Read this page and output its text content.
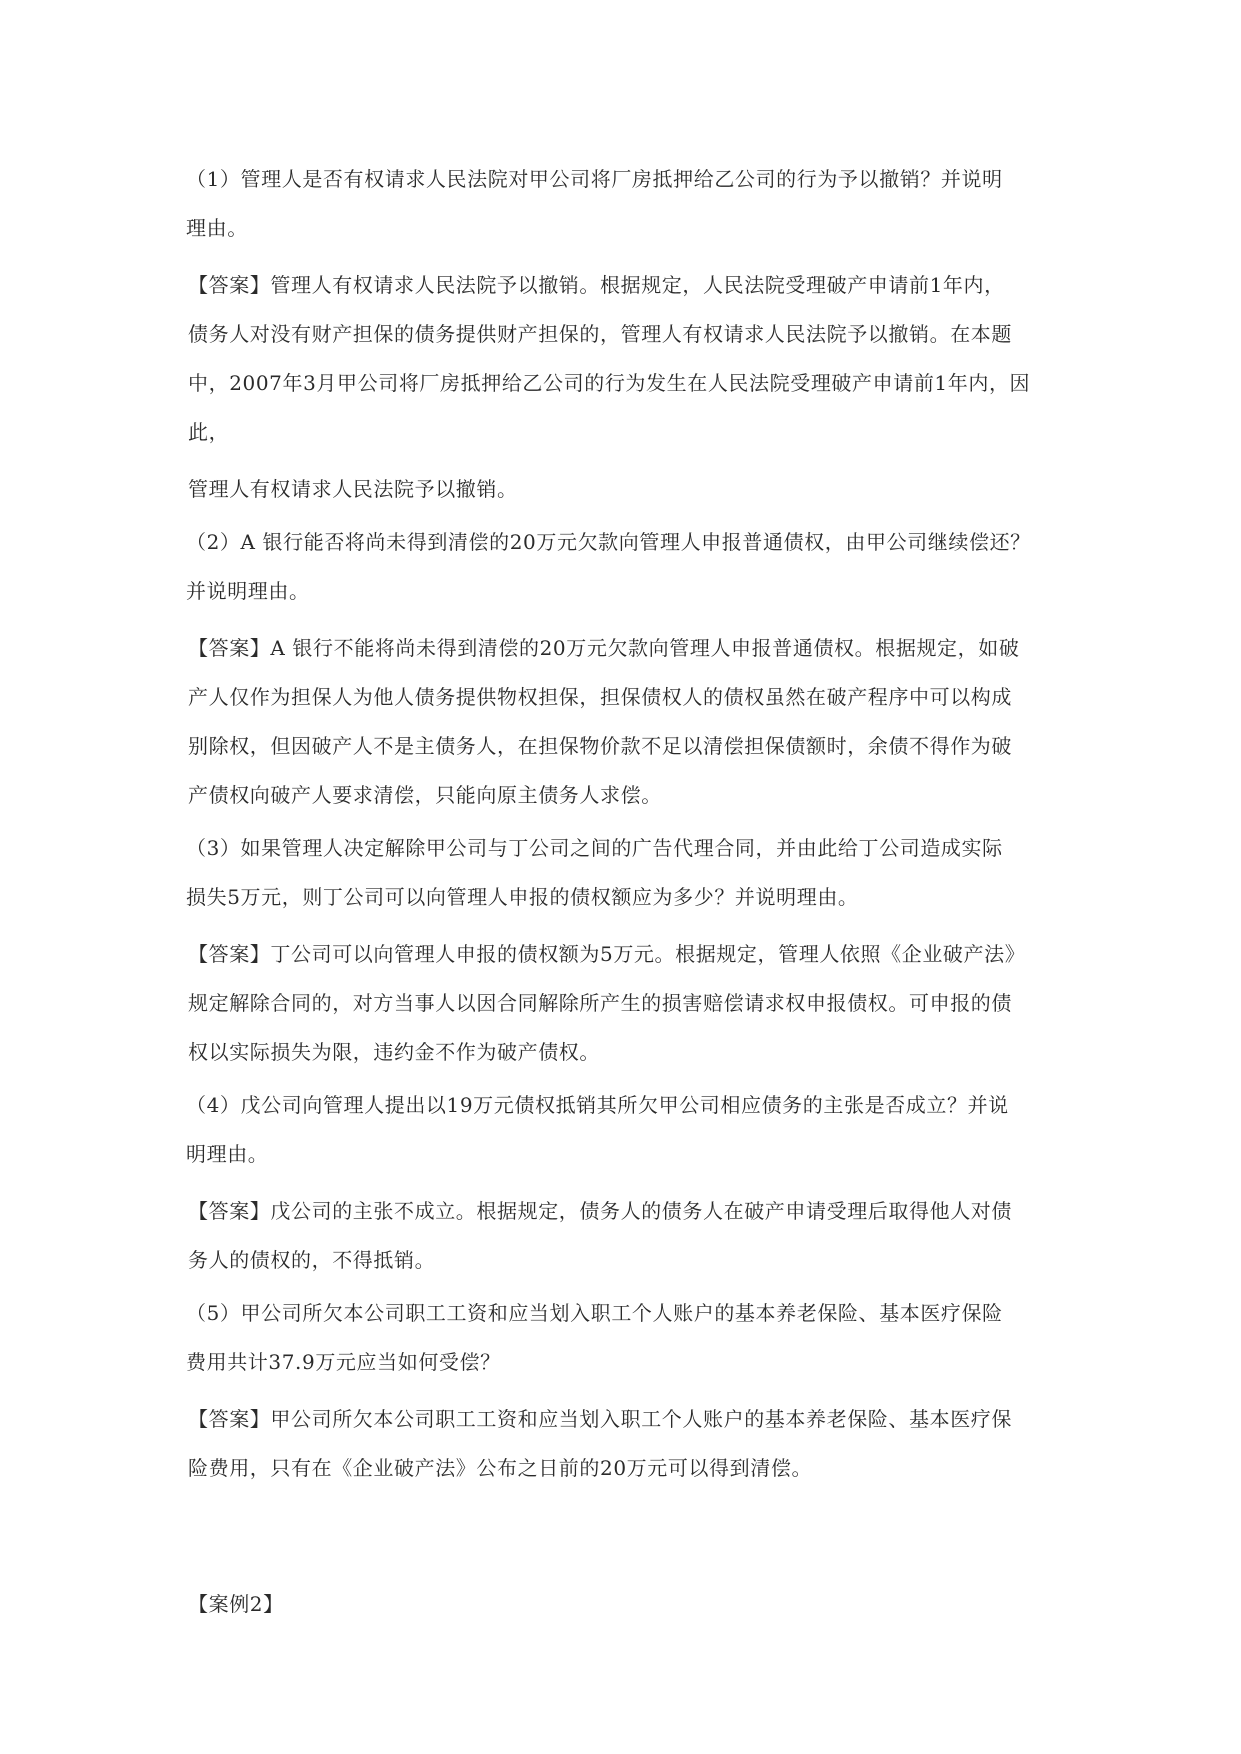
（1）管理人是否有权请求人民法院对甲公司将厂房抵押给乙公司的行为予以撤销？并说明
理由。
【答案】管理人有权请求人民法院予以撤销。根据规定，人民法院受理破产申请前1年内，
债务人对没有财产担保的债务提供财产担保的，管理人有权请求人民法院予以撤销。在本题
中，2007年3月甲公司将厂房抵押给乙公司的行为发生在人民法院受理破产申请前1年内，因
此，
管理人有权请求人民法院予以撤销。
（2）A 银行能否将尚未得到清偿的20万元欠款向管理人申报普通债权，由甲公司继续偿还？
并说明理由。
【答案】A 银行不能将尚未得到清偿的20万元欠款向管理人申报普通债权。根据规定，如破
产人仅作为担保人为他人债务提供物权担保，担保债权人的债权虽然在破产程序中可以构成
别除权，但因破产人不是主债务人，在担保物价款不足以清偿担保债额时，余债不得作为破
产债权向破产人要求清偿，只能向原主债务人求偿。
（3）如果管理人决定解除甲公司与丁公司之间的广告代理合同，并由此给丁公司造成实际
损失5万元，则丁公司可以向管理人申报的债权额应为多少？并说明理由。
【答案】丁公司可以向管理人申报的债权额为5万元。根据规定，管理人依照《企业破产法》
规定解除合同的，对方当事人以因合同解除所产生的损害赔偿请求权申报债权。可申报的债
权以实际损失为限，违约金不作为破产债权。
（4）戊公司向管理人提出以19万元债权抵销其所欠甲公司相应债务的主张是否成立？并说
明理由。
【答案】戊公司的主张不成立。根据规定，债务人的债务人在破产申请受理后取得他人对债
务人的债权的，不得抵销。
（5）甲公司所欠本公司职工工资和应当划入职工个人账户的基本养老保险、基本医疗保险
费用共计37.9万元应当如何受偿？
【答案】甲公司所欠本公司职工工资和应当划入职工个人账户的基本养老保险、基本医疗保
险费用，只有在《企业破产法》公布之日前的20万元可以得到清偿。
【案例2】
